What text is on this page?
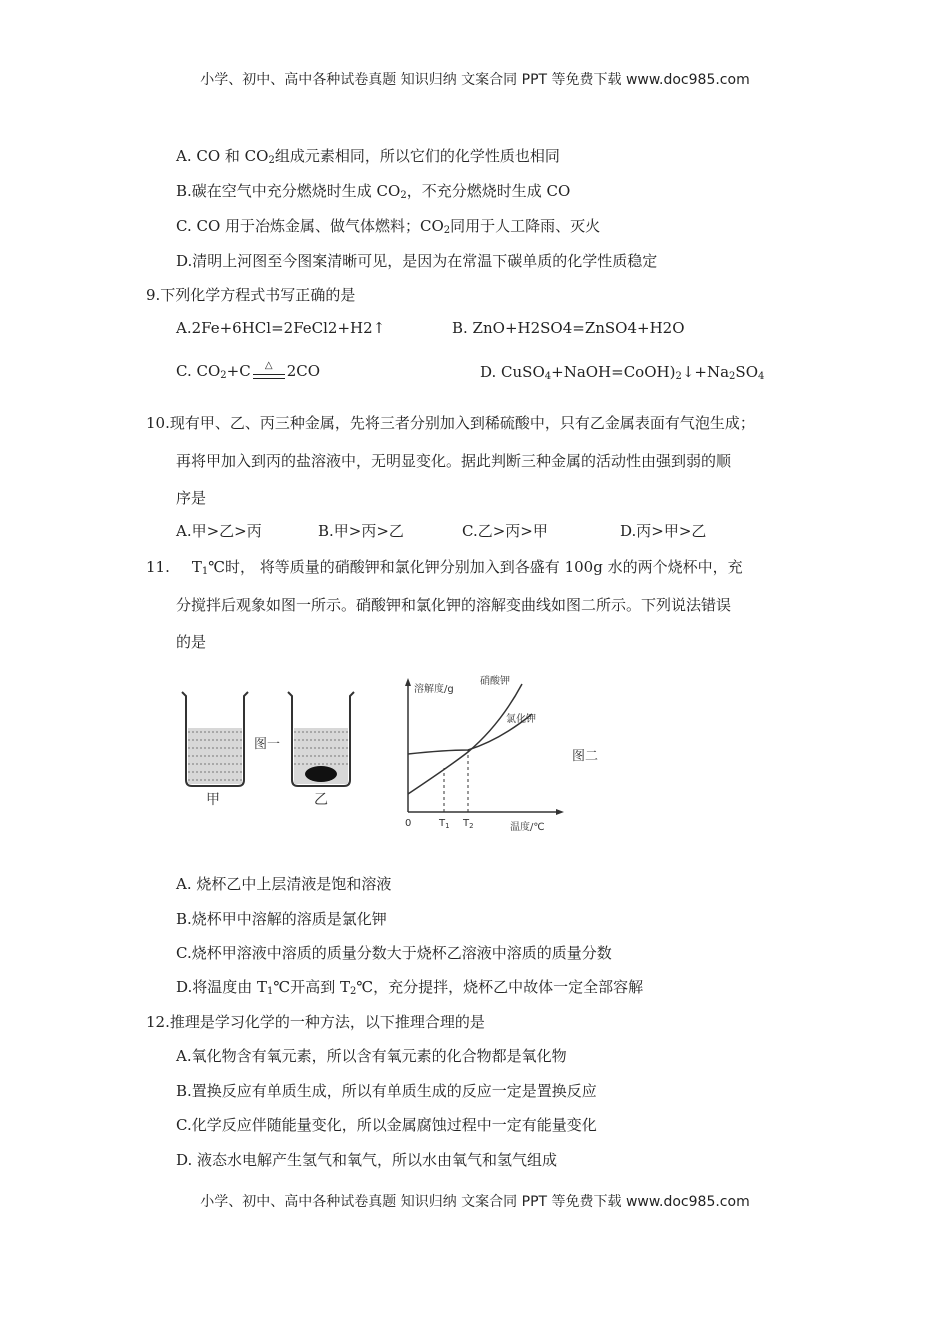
小学、初中、高中各种试卷真题 知识归纳 文案合同 PPT 等免费下载 www.doc985.com
A. CO 和 $CO_2$组成元素相同，所以它们的化学性质也相同
B.碳在空气中充分燃烧时生成 $CO_2$，不充分燃烧时生成 CO
C. CO 用于冶炼金属、做气体燃料；$CO_2$同用于人工降雨、灭火
D.清明上河图至今图案清晰可见，是因为在常温下碳单质的化学性质稳定
9.下列化学方程式书写正确的是
A.2Fe+6HCl=2FeCl2+H2↑	B. ZnO+H2SO4=ZnSO4+H2O
C. $CO_2+C$	△ 2CO	D. $CuSO_4+NaOH=CoOH)_2↓+Na_2SO_4$
10.现有甲、乙、丙三种金属，先将三者分别加入到稀硫酸中，只有乙金属表面有气泡生成；
再将甲加入到丙的盐溶液中，无明显变化。据此判断三种金属的活动性由强到弱的顺
序是
A.甲>乙>丙	B.甲>丙>乙	C.乙>丙>甲	D.丙>甲>乙
11. $T_1℃$时， 将等质量的硝酸钾和氯化钾分别加入到各盛有 100g 水的两个烧杯中，充
分搅拌后观象如图一所示。硝酸钾和氯化钾的溶解变曲线如图二所示。下列说法错误
的是
甲
图一
乙
溶解度/g
硝酸钾
氯化钾
0	$T_1$ $T_2$	温度/℃
图二
A. 烧杯乙中上层清液是饱和溶液
B.烧杯甲中溶解的溶质是氯化钾
C.烧杯甲溶液中溶质的质量分数大于烧杯乙溶液中溶质的质量分数
D.将温度由 $T_1℃$开高到 $T_2℃$，充分提拌，烧杯乙中故体一定全部容解
12.推理是学习化学的一种方法，以下推理合理的是
A.氧化物含有氧元素，所以含有氧元素的化合物都是氧化物
B.置换反应有单质生成，所以有单质生成的反应一定是置换反应
C.化学反应伴随能量变化，所以金属腐蚀过程中一定有能量变化
D. 液态水电解产生氢气和氧气，所以水由氧气和氢气组成
小学、初中、高中各种试卷真题 知识归纳 文案合同 PPT 等免费下载 www.doc985.com
